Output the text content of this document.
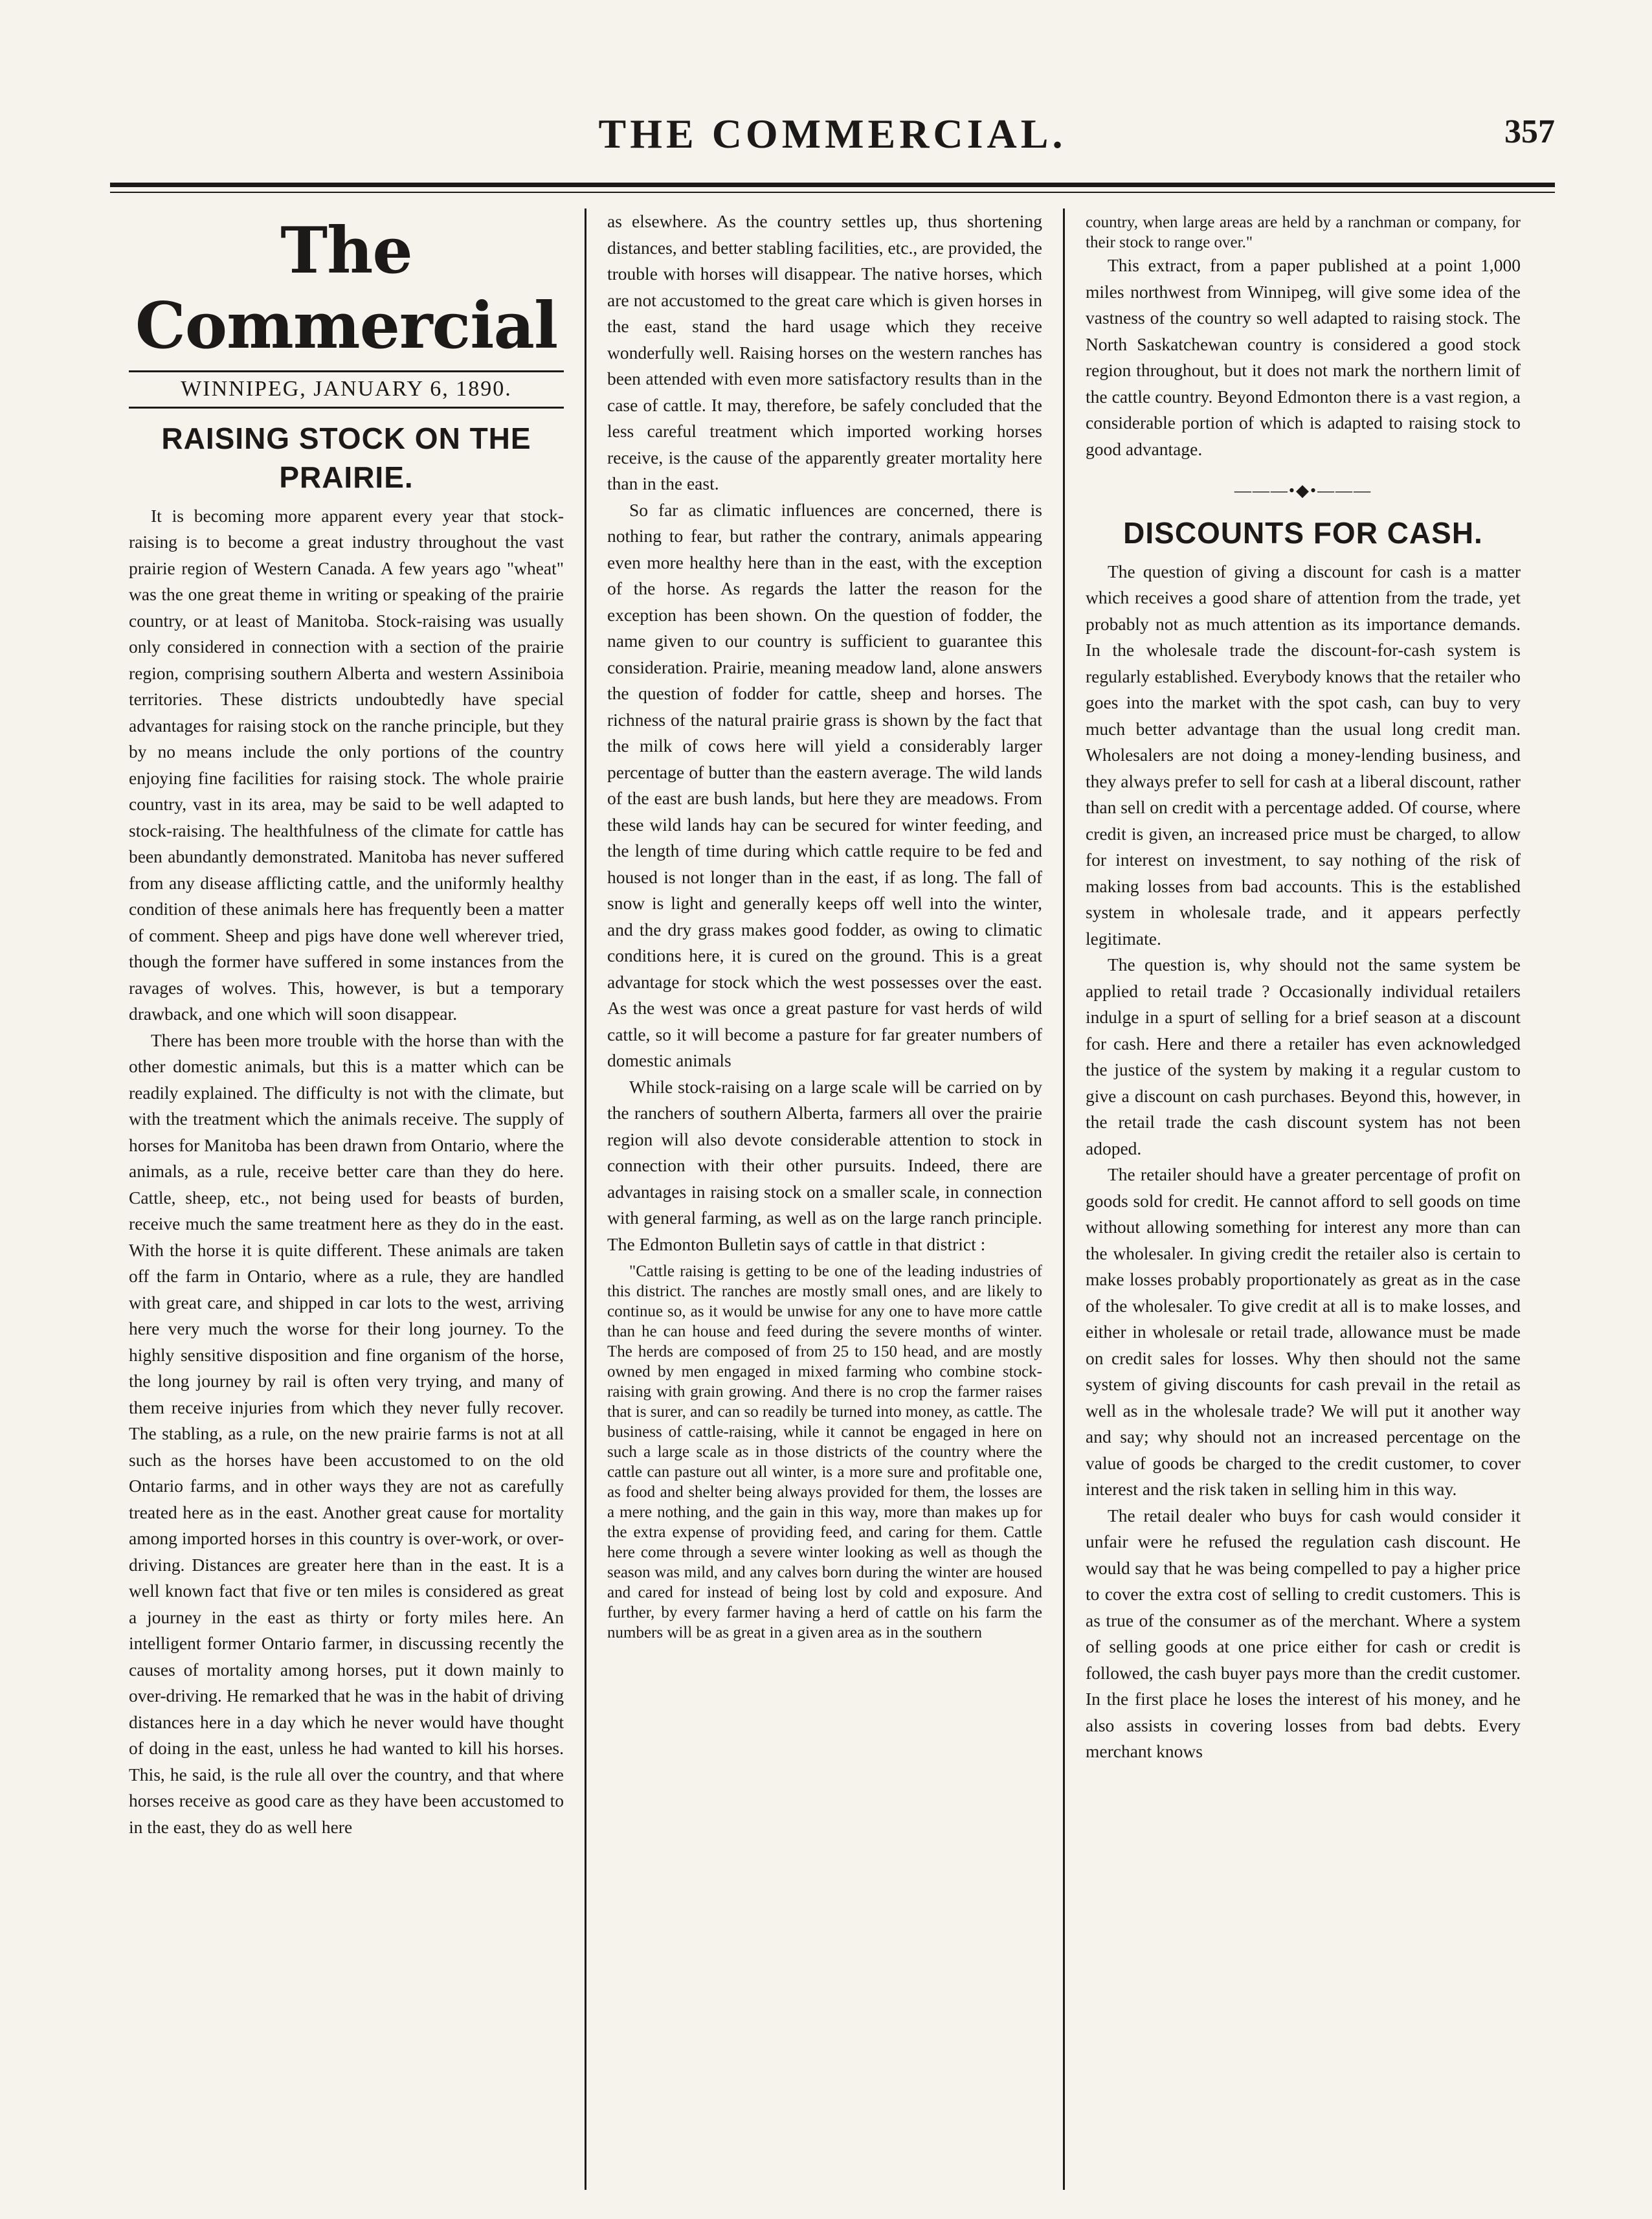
THE COMMERCIAL.	357
The Commercial
WINNIPEG, JANUARY 6, 1890.
RAISING STOCK ON THE PRAIRIE.

It is becoming more apparent every year that stock-raising is to become a great industry throughout the vast prairie region of Western Canada. A few years ago "wheat" was the one great theme in writing or speaking of the prairie country, or at least of Manitoba. Stock-raising was usually only considered in connection with a section of the prairie region, comprising southern Alberta and western Assiniboia territories. These districts undoubtedly have special advantages for raising stock on the ranche principle, but they by no means include the only portions of the country enjoying fine facilities for raising stock. The whole prairie country, vast in its area, may be said to be well adapted to stock-raising. The healthfulness of the climate for cattle has been abundantly demonstrated. Manitoba has never suffered from any disease afflicting cattle, and the uniformly healthy condition of these animals here has frequently been a matter of comment. Sheep and pigs have done well wherever tried, though the former have suffered in some instances from the ravages of wolves. This, however, is but a temporary drawback, and one which will soon disappear.

There has been more trouble with the horse than with the other domestic animals, but this is a matter which can be readily explained. The difficulty is not with the climate, but with the treatment which the animals receive. The supply of horses for Manitoba has been drawn from Ontario, where the animals, as a rule, receive better care than they do here. Cattle, sheep, etc., not being used for beasts of burden, receive much the same treatment here as they do in the east. With the horse it is quite different. These animals are taken off the farm in Ontario, where as a rule, they are handled with great care, and shipped in car lots to the west, arriving here very much the worse for their long journey. To the highly sensitive disposition and fine organism of the horse, the long journey by rail is often very trying, and many of them receive injuries from which they never fully recover. The stabling, as a rule, on the new prairie farms is not at all such as the horses have been accustomed to on the old Ontario farms, and in other ways they are not as carefully treated here as in the east. Another great cause for mortality among imported horses in this country is over-work, or over-driving. Distances are greater here than in the east. It is a well known fact that five or ten miles is considered as great a journey in the east as thirty or forty miles here. An intelligent former Ontario farmer, in discussing recently the causes of mortality among horses, put it down mainly to over-driving. He remarked that he was in the habit of driving distances here in a day which he never would have thought of doing in the east, unless he had wanted to kill his horses. This, he said, is the rule all over the country, and that where horses receive as good care as they have been accustomed to in the east, they do as well here

as elsewhere. As the country settles up, thus shortening distances, and better stabling facilities, etc., are provided, the trouble with horses will disappear. The native horses, which are not accustomed to the great care which is given horses in the east, stand the hard usage which they receive wonderfully well. Raising horses on the western ranches has been attended with even more satisfactory results than in the case of cattle. It may, therefore, be safely concluded that the less careful treatment which imported working horses receive, is the cause of the apparently greater mortality here than in the east.

So far as climatic influences are concerned, there is nothing to fear, but rather the contrary, animals appearing even more healthy here than in the east, with the exception of the horse. As regards the latter the reason for the exception has been shown. On the question of fodder, the name given to our country is sufficient to guarantee this consideration. Prairie, meaning meadow land, alone answers the question of fodder for cattle, sheep and horses. The richness of the natural prairie grass is shown by the fact that the milk of cows here will yield a considerably larger percentage of butter than the eastern average. The wild lands of the east are bush lands, but here they are meadows. From these wild lands hay can be secured for winter feeding, and the length of time during which cattle require to be fed and housed is not longer than in the east, if as long. The fall of snow is light and generally keeps off well into the winter, and the dry grass makes good fodder, as owing to climatic conditions here, it is cured on the ground. This is a great advantage for stock which the west possesses over the east. As the west was once a great pasture for vast herds of wild cattle, so it will become a pasture for far greater numbers of domestic animals

While stock-raising on a large scale will be carried on by the ranchers of southern Alberta, farmers all over the prairie region will also devote considerable attention to stock in connection with their other pursuits. Indeed, there are advantages in raising stock on a smaller scale, in connection with general farming, as well as on the large ranch principle. The Edmonton Bulletin says of cattle in that district :

"Cattle raising is getting to be one of the leading industries of this district. The ranches are mostly small ones, and are likely to continue so, as it would be unwise for any one to have more cattle than he can house and feed during the severe months of winter. The herds are composed of from 25 to 150 head, and are mostly owned by men engaged in mixed farming who combine stock-raising with grain growing. And there is no crop the farmer raises that is surer, and can so readily be turned into money, as cattle. The business of cattle-raising, while it cannot be engaged in here on such a large scale as in those districts of the country where the cattle can pasture out all winter, is a more sure and profitable one, as food and shelter being always provided for them, the losses are a mere nothing, and the gain in this way, more than makes up for the extra expense of providing feed, and caring for them. Cattle here come through a severe winter looking as well as though the season was mild, and any calves born during the winter are housed and cared for instead of being lost by cold and exposure. And further, by every farmer having a herd of cattle on his farm the numbers will be as great in a given area as in the southern

country, when large areas are held by a ranchman or company, for their stock to range over."

This extract, from a paper published at a point 1,000 miles northwest from Winnipeg, will give some idea of the vastness of the country so well adapted to raising stock. The North Saskatchewan country is considered a good stock region throughout, but it does not mark the northern limit of the cattle country. Beyond Edmonton there is a vast region, a considerable portion of which is adapted to raising stock to good advantage.

———•◆•———
DISCOUNTS FOR CASH.

The question of giving a discount for cash is a matter which receives a good share of attention from the trade, yet probably not as much attention as its importance demands. In the wholesale trade the discount-for-cash system is regularly established. Everybody knows that the retailer who goes into the market with the spot cash, can buy to very much better advantage than the usual long credit man. Wholesalers are not doing a money-lending business, and they always prefer to sell for cash at a liberal discount, rather than sell on credit with a percentage added. Of course, where credit is given, an increased price must be charged, to allow for interest on investment, to say nothing of the risk of making losses from bad accounts. This is the established system in wholesale trade, and it appears perfectly legitimate.

The question is, why should not the same system be applied to retail trade ? Occasionally individual retailers indulge in a spurt of selling for a brief season at a discount for cash. Here and there a retailer has even acknowledged the justice of the system by making it a regular custom to give a discount on cash purchases. Beyond this, however, in the retail trade the cash discount system has not been adoped.

The retailer should have a greater percentage of profit on goods sold for credit. He cannot afford to sell goods on time without allowing something for interest any more than can the wholesaler. In giving credit the retailer also is certain to make losses probably proportionately as great as in the case of the wholesaler. To give credit at all is to make losses, and either in wholesale or retail trade, allowance must be made on credit sales for losses. Why then should not the same system of giving discounts for cash prevail in the retail as well as in the wholesale trade? We will put it another way and say; why should not an increased percentage on the value of goods be charged to the credit customer, to cover interest and the risk taken in selling him in this way.

The retail dealer who buys for cash would consider it unfair were he refused the regulation cash discount. He would say that he was being compelled to pay a higher price to cover the extra cost of selling to credit customers. This is as true of the consumer as of the merchant. Where a system of selling goods at one price either for cash or credit is followed, the cash buyer pays more than the credit customer. In the first place he loses the interest of his money, and he also assists in covering losses from bad debts. Every merchant knows
